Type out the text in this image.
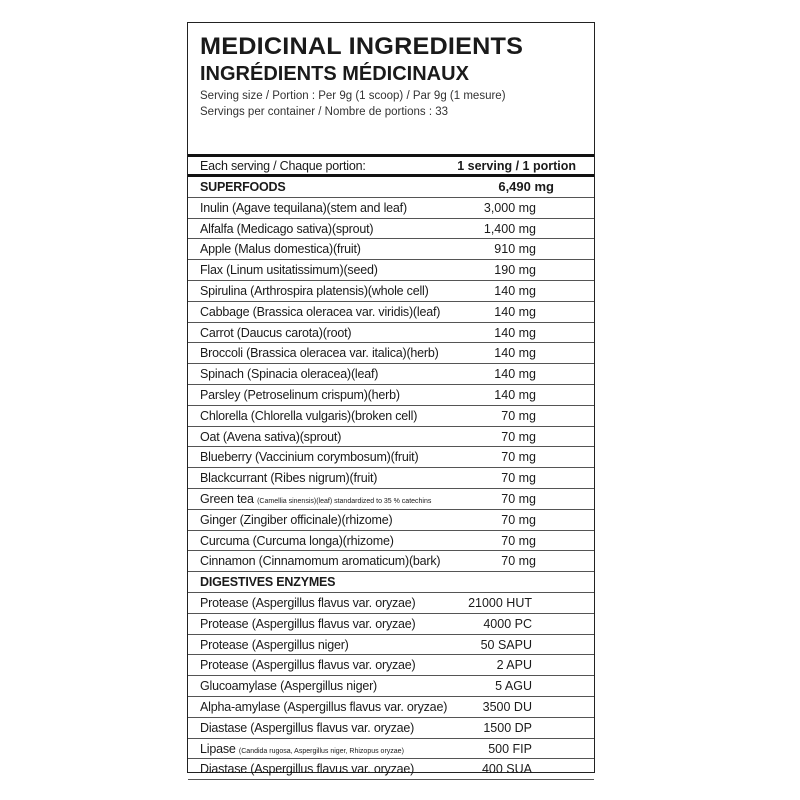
MEDICINAL INGREDIENTS
INGRÉDIENTS MÉDICINAUX
Serving size / Portion : Per 9g (1 scoop) / Par 9g (1 mesure)
Servings per container / Nombre de portions : 33
Each serving / Chaque portion:	1 serving / 1 portion
SUPERFOODS	6,490 mg
Inulin (Agave tequilana)(stem and leaf)	3,000 mg
Alfalfa (Medicago sativa)(sprout)	1,400 mg
Apple (Malus domestica)(fruit)	910 mg
Flax (Linum usitatissimum)(seed)	190 mg
Spirulina (Arthrospira platensis)(whole cell)	140 mg
Cabbage (Brassica oleracea var. viridis)(leaf)	140 mg
Carrot (Daucus carota)(root)	140 mg
Broccoli (Brassica oleracea var. italica)(herb)	140 mg
Spinach (Spinacia oleracea)(leaf)	140 mg
Parsley (Petroselinum crispum)(herb)	140 mg
Chlorella (Chlorella vulgaris)(broken cell)	70 mg
Oat (Avena sativa)(sprout)	70 mg
Blueberry (Vaccinium corymbosum)(fruit)	70 mg
Blackcurrant (Ribes nigrum)(fruit)	70 mg
Green tea (Camellia sinensis)(leaf) standardized to 35 % catechins	70 mg
Ginger (Zingiber officinale)(rhizome)	70 mg
Curcuma (Curcuma longa)(rhizome)	70 mg
Cinnamon (Cinnamomum aromaticum)(bark)	70 mg
DIGESTIVES ENZYMES
Protease (Aspergillus flavus var. oryzae)	21000 HUT
Protease (Aspergillus flavus var. oryzae)	4000 PC
Protease (Aspergillus niger)	50 SAPU
Protease (Aspergillus flavus var. oryzae)	2 APU
Glucoamylase (Aspergillus niger)	5 AGU
Alpha-amylase (Aspergillus flavus var. oryzae)	3500 DU
Diastase (Aspergillus flavus var. oryzae)	1500 DP
Lipase (Candida rugosa, Aspergillus niger, Rhizopus oryzae)	500 FIP
Diastase (Aspergillus flavus var. oryzae)	400 SUA
